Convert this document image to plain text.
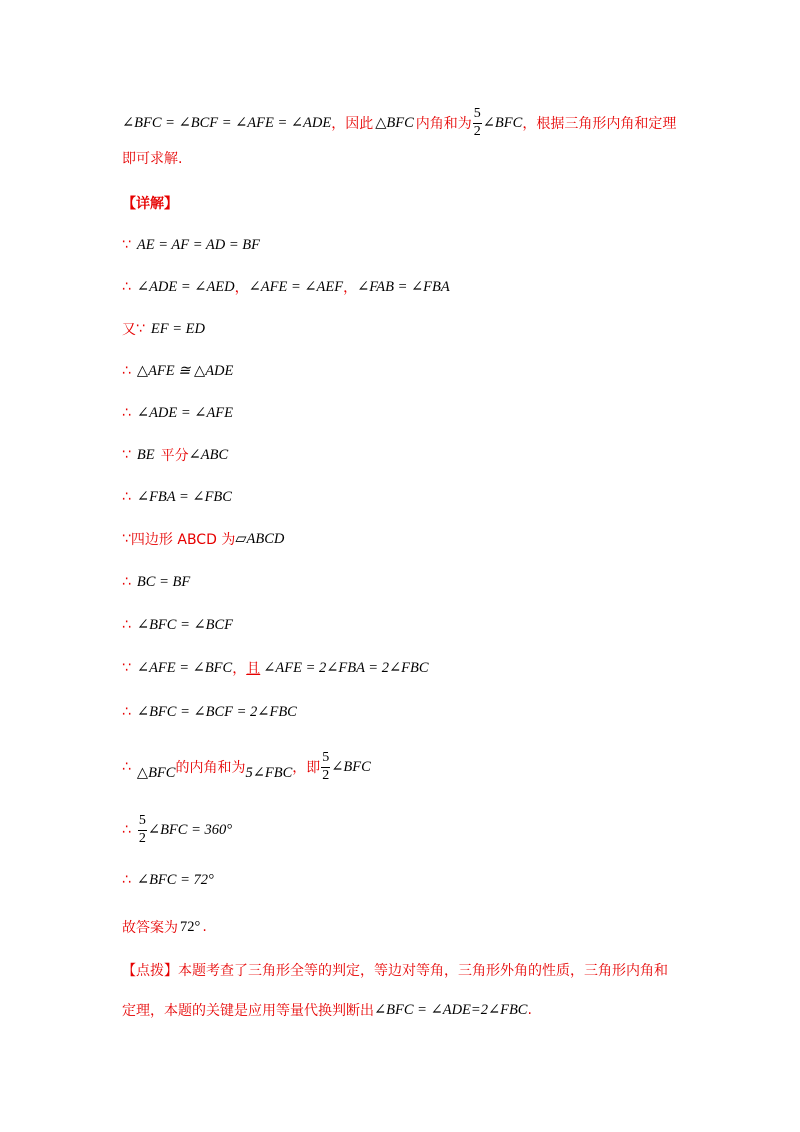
∠BFC = ∠BCF = ∠AFE = ∠ADE ， 因此 △BFC 内角和为 $\frac{5}{2}$ ∠BFC ，根据三角形内角和定理
即可求解.
【详解】
∵ AE = AF = AD = BF
∴ ∠ADE = ∠AED ， ∠AFE = ∠AEF ， ∠FAB = ∠FBA
又 ∵ EF = ED
∴ △AFE ≅ △ADE
∴ ∠ADE = ∠AFE
∵ BE 平分 ∠ABC
∴ ∠FBA = ∠FBC
∵ 四边形 ABCD 为 ▱ABCD
∴ BC = BF
∴ ∠BFC = ∠BCF
∵ ∠AFE = ∠BFC ， 且 ∠AFE = 2∠FBA = 2∠FBC
∴ ∠BFC = ∠BCF = 2∠FBC
∴ △BFC 的内角和为 5∠FBC ， 即 $\frac{5}{2}$ ∠BFC
∴ $\frac{5}{2}$ ∠BFC = 360°
∴ ∠BFC = 72°
故答案为 72° .
【点拨】本题考查了三角形全等的判定，等边对等角，三角形外角的性质，三角形内角和
定理，本题的关键是应用等量代换判断出 ∠BFC = ∠ADE=2∠FBC .
